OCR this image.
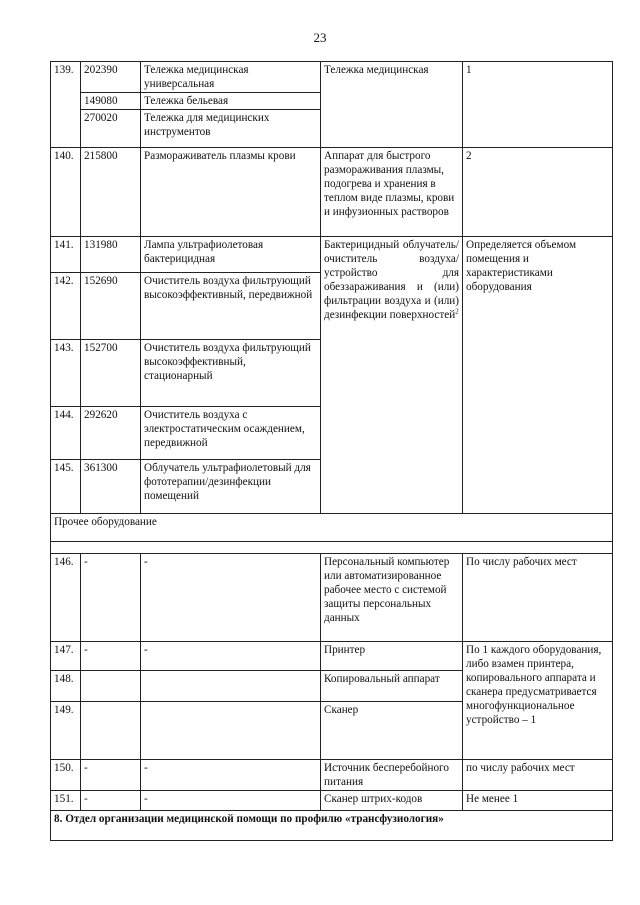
23
139.	202390	Тележка медицинская универсальная	Тележка медицинская	1
	149080	Тележка бельевая		
	270020	Тележка для медицинских инструментов		
140.	215800	Размораживатель плазмы крови	Аппарат для быстрого размораживания плазмы, подогрева и хранения в теплом виде плазмы, крови и инфузионных растворов	2
141.	131980	Лампа ультрафиолетовая бактерицидная	Бактерицидный облучатель/очиститель воздуха/устройство для обеззараживания и (или) фильтрации воздуха и (или) дезинфекции поверхностей$^2$	Определяется объемом помещения и характеристиками оборудования
142.	152690	Очиститель воздуха фильтрующий высокоэффективный, передвижной		
143.	152700	Очиститель воздуха фильтрующий высокоэффективный, стационарный		
144.	292620	Очиститель воздуха с электростатическим осаждением, передвижной		
145.	361300	Облучатель ультрафиолетовый для фототерапии/дезинфекции помещений		
Прочее оборудование				

146.	-	-	Персональный компьютер или автоматизированное рабочее место с системой защиты персональных данных	По числу рабочих мест
147.	-	-	Принтер	По 1 каждого оборудования, либо взамен принтера, копировального аппарата и сканера предусматривается многофункциональное устройство – 1
148.			Копировальный аппарат	
149.			Сканер	
150.	-	-	Источник бесперебойного питания	по числу рабочих мест
151.	-	-	Сканер штрих-кодов	Не менее 1
8. Отдел организации медицинской помощи по профилю «трансфузиология»				
